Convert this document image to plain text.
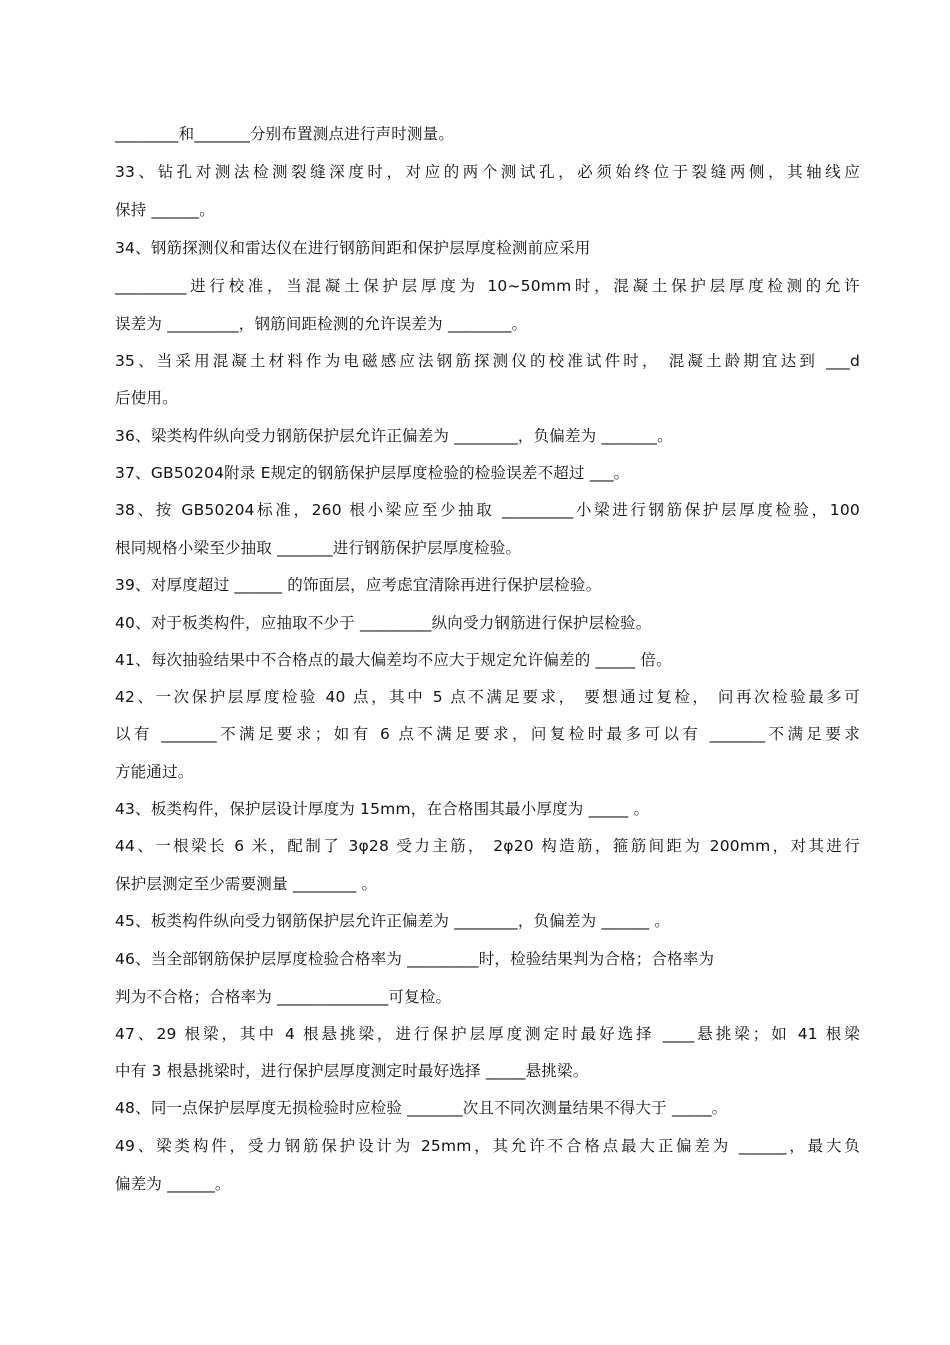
________和_______分别布置测点进行声时测量。
33、钻孔对测法检测裂缝深度时，对应的两个测试孔，必须始终位于裂缝两侧，其轴线应
保持 ______。
34、钢筋探测仪和雷达仪在进行钢筋间距和保护层厚度检测前应采用
_________进行校准，当混凝土保护层厚度为 10~50mm时，混凝土保护层厚度检测的允许
误差为 _________，钢筋间距检测的允许误差为 ________。
35、当采用混凝土材料作为电磁感应法钢筋探测仪的校准试件时， 混凝土龄期宜达到 ___d
后使用。
36、梁类构件纵向受力钢筋保护层允许正偏差为 ________，负偏差为 _______。
37、GB50204附录 E规定的钢筋保护层厚度检验的检验误差不超过 ___。
38、按 GB50204标准，260 根小梁应至少抽取 _________小梁进行钢筋保护层厚度检验，100
根同规格小梁至少抽取 _______进行钢筋保护层厚度检验。
39、对厚度超过 ______ 的饰面层，应考虑宜清除再进行保护层检验。
40、对于板类构件，应抽取不少于 _________纵向受力钢筋进行保护层检验。
41、每次抽验结果中不合格点的最大偏差均不应大于规定允许偏差的 _____ 倍。
42、一次保护层厚度检验 40 点，其中 5 点不满足要求， 要想通过复检， 问再次检验最多可
以有 _______不满足要求；如有 6 点不满足要求，问复检时最多可以有 _______不满足要求
方能通过。
43、板类构件，保护层设计厚度为 15mm，在合格围其最小厚度为 _____ 。
44、一根梁长 6 米，配制了 3φ28 受力主筋， 2φ20 构造筋，箍筋间距为 200mm，对其进行
保护层测定至少需要测量 ________ 。
45、板类构件纵向受力钢筋保护层允许正偏差为 ________，负偏差为 ______ 。
46、当全部钢筋保护层厚度检验合格率为 _________时，检验结果判为合格；合格率为
判为不合格；合格率为 ______________可复检。
47、29 根梁，其中 4 根悬挑梁，进行保护层厚度测定时最好选择 ____悬挑梁；如 41 根梁
中有 3 根悬挑梁时，进行保护层厚度测定时最好选择 _____悬挑梁。
48、同一点保护层厚度无损检验时应检验 _______次且不同次测量结果不得大于 _____。
49、梁类构件，受力钢筋保护设计为 25mm，其允许不合格点最大正偏差为 ______，最大负
偏差为 ______。
